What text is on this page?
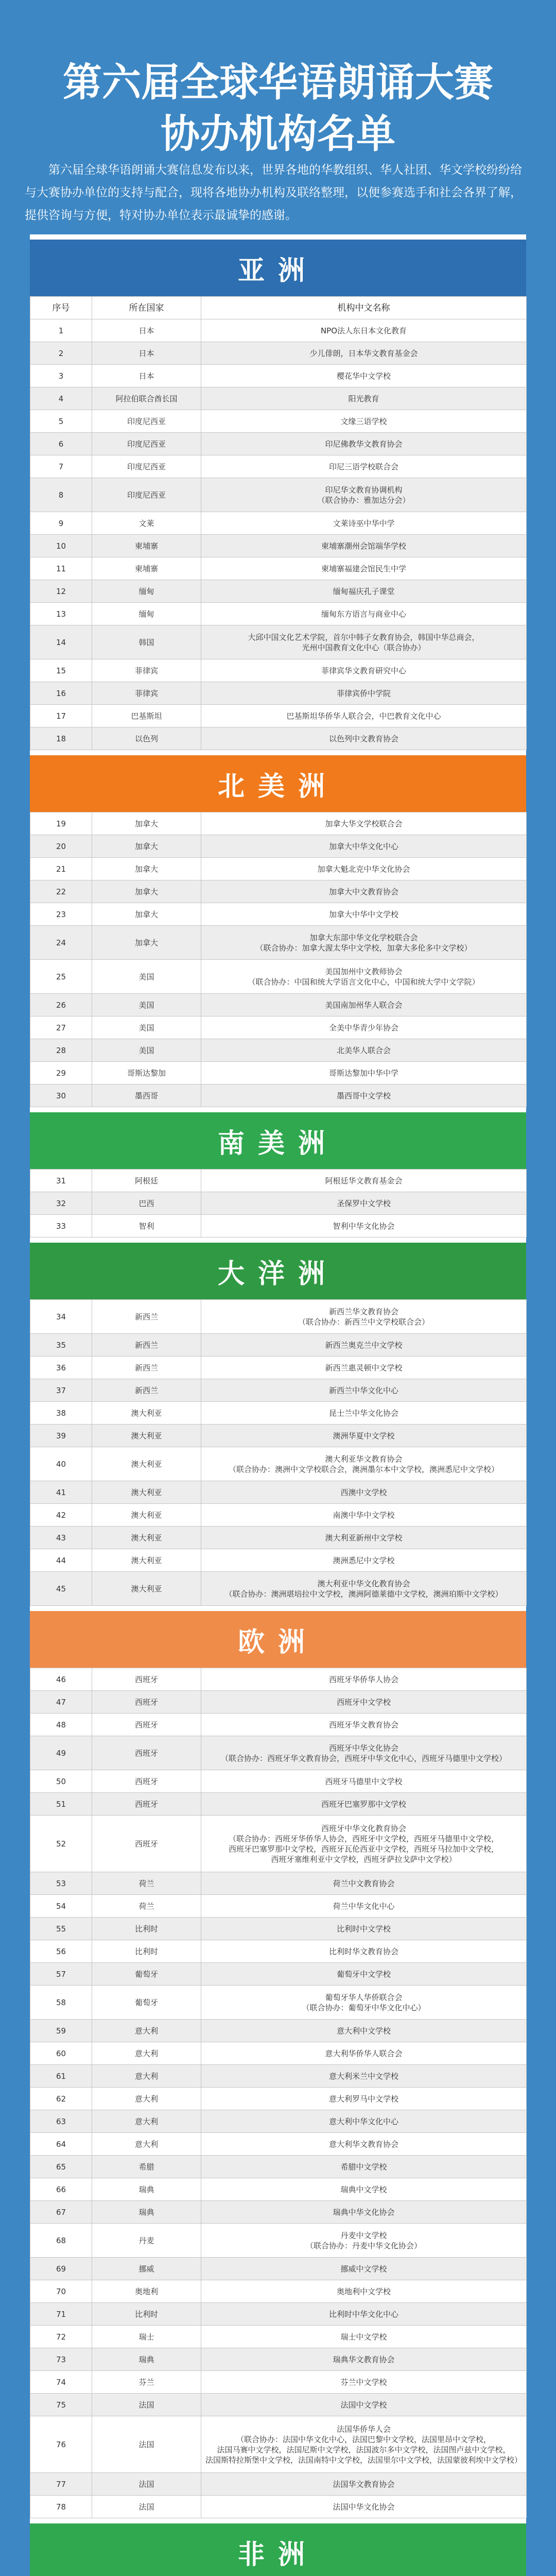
第六届全球华语朗诵大赛
协办机构名单
第六届全球华语朗诵大赛信息发布以来，世界各地的华教组织、华人社团、华文学校纷纷给与大赛协办单位的支持与配合，现将各地协办机构及联络整理，以便参赛选手和社会各界了解，提供咨询与方便，特对协办单位表示最诚挚的感谢。
亚洲
序号	所在国家	机构中文名称
1	日本	NPO法人东日本文化教育
2	日本	少儿俳朗，日本华文教育基金会
3	日本	樱花华中文学校
4	阿拉伯联合酋长国	阳光教育
5	印度尼西亚	文缘三语学校
6	印度尼西亚	印尼佛教华文教育协会
7	印度尼西亚	印尼三语学校联合会
8	印度尼西亚	印尼华文教育协调机构
（联合协办：雅加达分会）
9	文莱	文莱诗巫中华中学
10	柬埔寨	柬埔寨潮州会馆端华学校
11	柬埔寨	柬埔寨福建会馆民生中学
12	缅甸	缅甸福庆孔子课堂
13	缅甸	缅甸东方语言与商业中心
14	韩国	大邱中国文化艺术学院，首尔中韩子女教育协会，韩国中华总商会，
光州中国教育文化中心（联合协办）
15	菲律宾	菲律宾华文教育研究中心
16	菲律宾	菲律宾侨中学院
17	巴基斯坦	巴基斯坦华侨华人联合会，中巴教育文化中心
18	以色列	以色列中文教育协会
北美洲
19	加拿大	加拿大华文学校联合会
20	加拿大	加拿大中华文化中心
21	加拿大	加拿大魁北克中华文化协会
22	加拿大	加拿大中文教育协会
23	加拿大	加拿大中华中文学校
24	加拿大	加拿大东部中华文化学校联合会
（联合协办：加拿大渥太华中文学校，加拿大多伦多中文学校）
25	美国	美国加州中文教师协会
（联合协办：中国和统大学语言文化中心，中国和统大学中文学院）
26	美国	美国南加州华人联合会
27	美国	全美中华青少年协会
28	美国	北美华人联合会
29	哥斯达黎加	哥斯达黎加中华中学
30	墨西哥	墨西哥中文学校
南美洲
31	阿根廷	阿根廷华文教育基金会
32	巴西	圣保罗中文学校
33	智利	智利中华文化协会
大洋洲
34	新西兰	新西兰华文教育协会
（联合协办：新西兰中文学校联合会）
35	新西兰	新西兰奥克兰中文学校
36	新西兰	新西兰惠灵顿中文学校
37	新西兰	新西兰中华文化中心
38	澳大利亚	昆士兰中华文化协会
39	澳大利亚	澳洲华夏中文学校
40	澳大利亚	澳大利亚华文教育协会
（联合协办：澳洲中文学校联合会，澳洲墨尔本中文学校，澳洲悉尼中文学校）
41	澳大利亚	西澳中文学校
42	澳大利亚	南澳中华中文学校
43	澳大利亚	澳大利亚新州中文学校
44	澳大利亚	澳洲悉尼中文学校
45	澳大利亚	澳大利亚中华文化教育协会
（联合协办：澳洲堪培拉中文学校，澳洲阿德莱德中文学校，澳洲珀斯中文学校）
欧洲
46	西班牙	西班牙华侨华人协会
47	西班牙	西班牙中文学校
48	西班牙	西班牙华文教育协会
49	西班牙	西班牙中华文化协会
（联合协办：西班牙华文教育协会，西班牙中华文化中心，西班牙马德里中文学校）
50	西班牙	西班牙马德里中文学校
51	西班牙	西班牙巴塞罗那中文学校
52	西班牙	西班牙中华文化教育协会
（联合协办：西班牙华侨华人协会，西班牙中文学校，西班牙马德里中文学校，
西班牙巴塞罗那中文学校，西班牙瓦伦西亚中文学校，西班牙马拉加中文学校，
西班牙塞维利亚中文学校，西班牙萨拉戈萨中文学校）
53	荷兰	荷兰中文教育协会
54	荷兰	荷兰中华文化中心
55	比利时	比利时中文学校
56	比利时	比利时华文教育协会
57	葡萄牙	葡萄牙中文学校
58	葡萄牙	葡萄牙华人华侨联合会
（联合协办：葡萄牙中华文化中心）
59	意大利	意大利中文学校
60	意大利	意大利华侨华人联合会
61	意大利	意大利米兰中文学校
62	意大利	意大利罗马中文学校
63	意大利	意大利中华文化中心
64	意大利	意大利华文教育协会
65	希腊	希腊中文学校
66	瑞典	瑞典中文学校
67	瑞典	瑞典中华文化协会
68	丹麦	丹麦中文学校
（联合协办：丹麦中华文化协会）
69	挪威	挪威中文学校
70	奥地利	奥地利中文学校
71	比利时	比利时中华文化中心
72	瑞士	瑞士中文学校
73	瑞典	瑞典华文教育协会
74	芬兰	芬兰中文学校
75	法国	法国中文学校
76	法国	法国华侨华人会
（联合协办：法国中华文化中心，法国巴黎中文学校，法国里昂中文学校，
法国马赛中文学校，法国尼斯中文学校，法国波尔多中文学校，法国图卢兹中文学校，
法国斯特拉斯堡中文学校，法国南特中文学校，法国里尔中文学校，法国蒙彼利埃中文学校）
77	法国	法国华文教育协会
78	法国	法国中华文化协会
非洲
